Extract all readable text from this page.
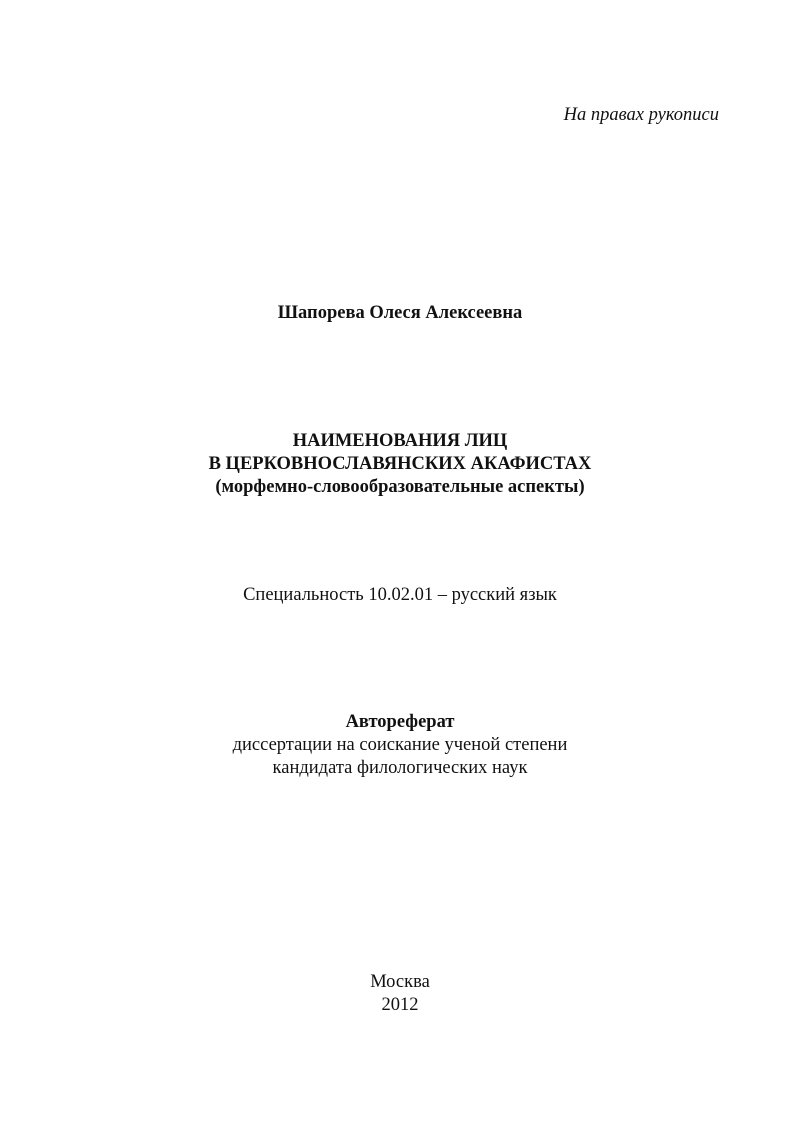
На правах рукописи
Шапорева Олеся Алексеевна
НАИМЕНОВАНИЯ ЛИЦ
В ЦЕРКОВНОСЛАВЯНСКИХ АКАФИСТАХ
(морфемно-словообразовательные аспекты)
Специальность 10.02.01 – русский язык
Автореферат
диссертации на соискание ученой степени
кандидата филологических наук
Москва
2012
